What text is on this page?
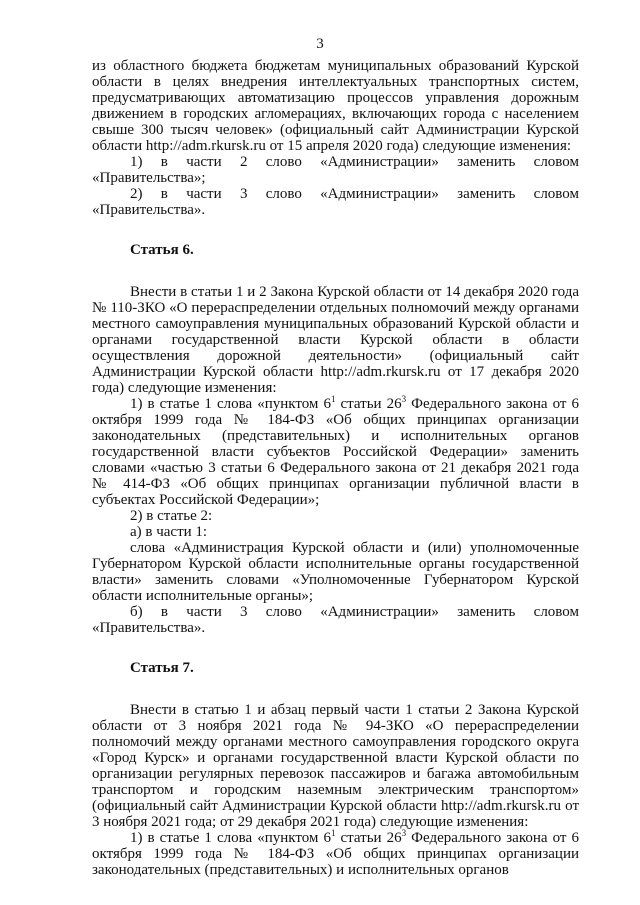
3

из областного бюджета бюджетам муниципальных образований Курской области в целях внедрения интеллектуальных транспортных систем, предусматривающих автоматизацию процессов управления дорожным движением в городских агломерациях, включающих города с населением свыше 300 тысяч человек» (официальный сайт Администрации Курской области http://adm.rkursk.ru от 15 апреля 2020 года) следующие изменения:

1) в части 2 слово «Администрации» заменить словом «Правительства»;

2) в части 3 слово «Администрации» заменить словом «Правительства».

Статья 6.

Внести в статьи 1 и 2 Закона Курской области от 14 декабря 2020 года № 110-ЗКО «О перераспределении отдельных полномочий между органами местного самоуправления муниципальных образований Курской области и органами государственной власти Курской области в области осуществления дорожной деятельности» (официальный сайт Администрации Курской области http://adm.rkursk.ru от 17 декабря 2020 года) следующие изменения:

1) в статье 1 слова «пунктом $6^1$ статьи $26^3$ Федерального закона от 6 октября 1999 года № 184-ФЗ «Об общих принципах организации законодательных (представительных) и исполнительных органов государственной власти субъектов Российской Федерации» заменить словами «частью 3 статьи 6 Федерального закона от 21 декабря 2021 года № 414-ФЗ «Об общих принципах организации публичной власти в субъектах Российской Федерации»;

2) в статье 2:

а) в части 1:

слова «Администрация Курской области и (или) уполномоченные Губернатором Курской области исполнительные органы государственной власти» заменить словами «Уполномоченные Губернатором Курской области исполнительные органы»;

б) в части 3 слово «Администрации» заменить словом «Правительства».

Статья 7.

Внести в статью 1 и абзац первый части 1 статьи 2 Закона Курской области от 3 ноября 2021 года № 94-ЗКО «О перераспределении полномочий между органами местного самоуправления городского округа «Город Курск» и органами государственной власти Курской области по организации регулярных перевозок пассажиров и багажа автомобильным транспортом и городским наземным электрическим транспортом» (официальный сайт Администрации Курской области http://adm.rkursk.ru от 3 ноября 2021 года; от 29 декабря 2021 года) следующие изменения:

1) в статье 1 слова «пунктом $6^1$ статьи $26^3$ Федерального закона от 6 октября 1999 года № 184-ФЗ «Об общих принципах организации законодательных (представительных) и исполнительных органов
